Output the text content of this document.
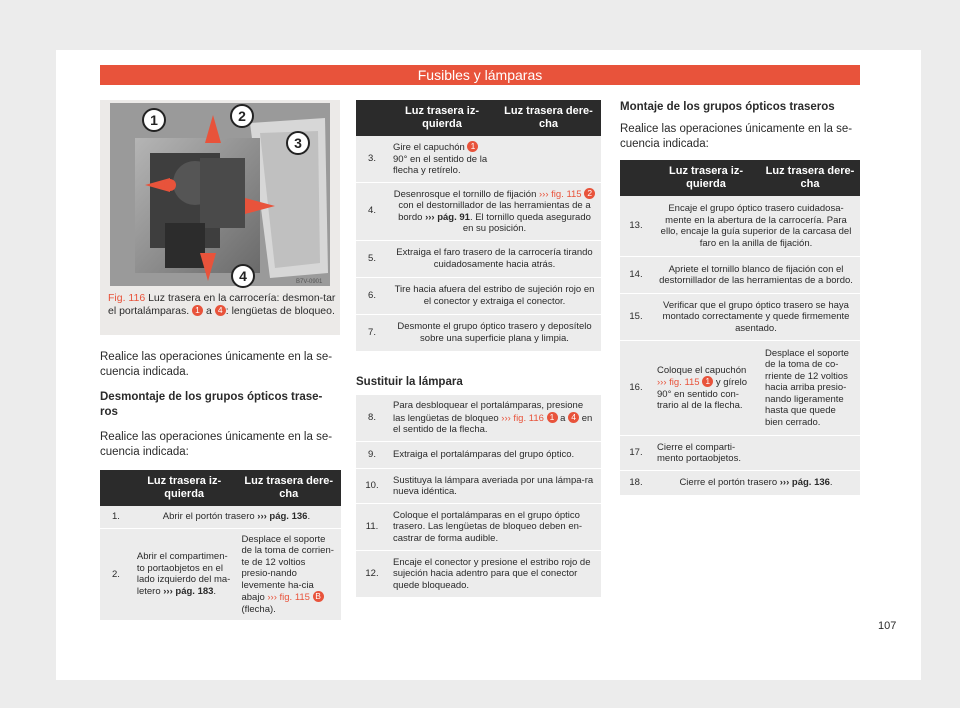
Fusibles y lámparas
1	2
3
4	B7V-0901
Fig. 116 Luz trasera en la carrocería: desmon-tar el portalámparas. 1 a 4 : lengüetas de bloqueo.
Realice las operaciones únicamente en la se-cuencia indicada.
Desmontaje de los grupos ópticos trase-ros
Realice las operaciones únicamente en la se-cuencia indicada:
	Luz trasera iz-quierda	Luz trasera dere-cha
1.	Abrir el portón trasero ››› pág. 136.	
2.	Abrir el compartimen-to portaobjetos en el lado izquierdo del ma-letero ››› pág. 183.	Desplace el soporte de la toma de corrien-te de 12 voltios presio-nando levemente ha-cia abajo ››› fig. 115 B (flecha).
	Luz trasera iz-quierda	Luz trasera dere-cha
3.	Gire el capuchón 1 90° en el sentido de la flecha y retírelo.	
4.	Desenrosque el tornillo de fijación ››› fig. 115 2 con el destornillador de las herramientas de a bordo ››› pág. 91. El tornillo queda asegurado en su posición.	
5.	Extraiga el faro trasero de la carrocería tirando cuidadosamente hacia atrás.	
6.	Tire hacia afuera del estribo de sujeción rojo en el conector y extraiga el conector.	
7.	Desmonte el grupo óptico trasero y deposítelo sobre una superficie plana y limpia.	
Sustituir la lámpara
8.	Para desbloquear el portalámparas, presione las lengüetas de bloqueo ››› fig. 116 1 a 4 en el sentido de la flecha.
9.	Extraiga el portalámparas del grupo óptico.
10.	Sustituya la lámpara averiada por una lámpa-ra nueva idéntica.
11.	Coloque el portalámparas en el grupo óptico trasero. Las lengüetas de bloqueo deben en-castrar de forma audible.
12.	Encaje el conector y presione el estribo rojo de sujeción hacia adentro para que el conector quede bloqueado.
Montaje de los grupos ópticos traseros
Realice las operaciones únicamente en la se-cuencia indicada:
	Luz trasera iz-quierda	Luz trasera dere-cha
13.	Encaje el grupo óptico trasero cuidadosa-mente en la abertura de la carrocería. Para ello, encaje la guía superior de la carcasa del faro en la anilla de fijación.	
14.	Apriete el tornillo blanco de fijación con el destornillador de las herramientas de a bordo.	
15.	Verificar que el grupo óptico trasero se haya montado correctamente y quede firmemente asentado.	
16.	Coloque el capuchón ››› fig. 115 1 y gírelo 90° en sentido con-trario al de la flecha.	Desplace el soporte de la toma de co-rriente de 12 voltios hacia arriba presio-nando ligeramente hasta que quede bien cerrado.
17.	Cierre el comparti-mento portaobjetos.	
18.	Cierre el portón trasero ››› pág. 136.	
107
